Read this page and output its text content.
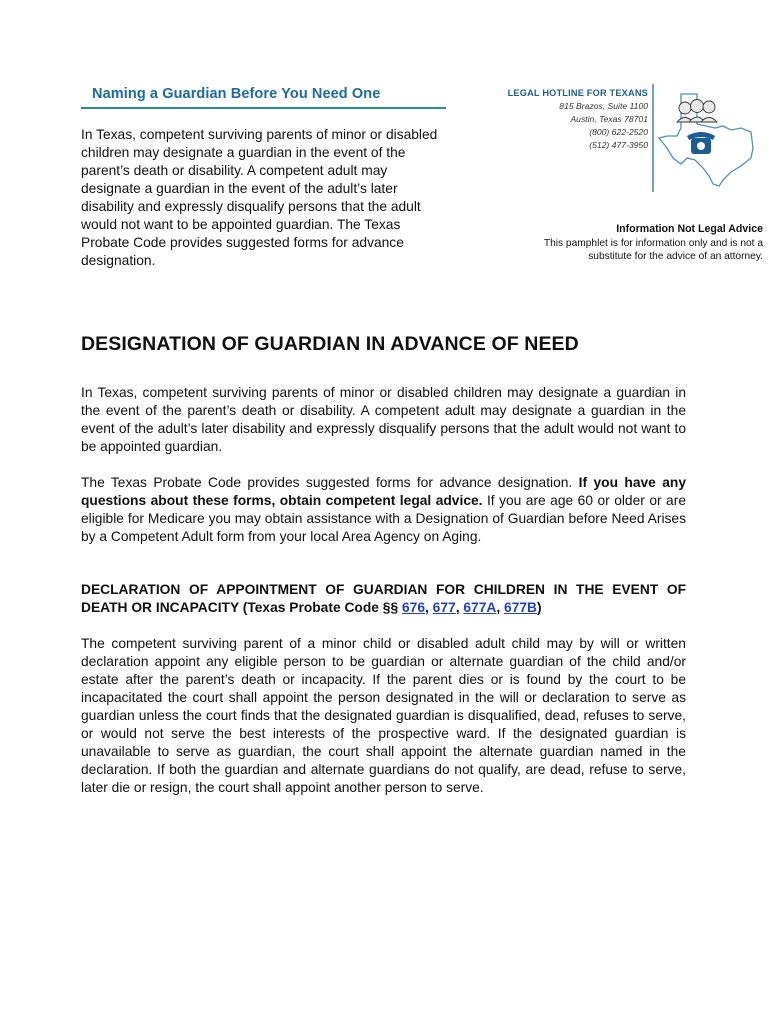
Naming a Guardian Before You Need One
In Texas, competent surviving parents of minor or disabled children may designate a guardian in the event of the parent’s death or disability. A competent adult may designate a guardian in the event of the adult’s later disability and expressly disqualify persons that the adult would not want to be appointed guardian. The Texas Probate Code provides suggested forms for advance designation.
LEGAL HOTLINE FOR TEXANS
815 Brazos, Suite 1100
Austin, Texas 78701
(800) 622-2520
(512) 477-3950
Information Not Legal Advice
This pamphlet is for information only and is not a
substitute for the advice of an attorney.
DESIGNATION OF GUARDIAN IN ADVANCE OF NEED
In Texas, competent surviving parents of minor or disabled children may designate a guardian in the event of the parent’s death or disability. A competent adult may designate a guardian in the event of the adult’s later disability and expressly disqualify persons that the adult would not want to be appointed guardian.
The Texas Probate Code provides suggested forms for advance designation. If you have any questions about these forms, obtain competent legal advice. If you are age 60 or older or are eligible for Medicare you may obtain assistance with a Designation of Guardian before Need Arises by a Competent Adult form from your local Area Agency on Aging.
DECLARATION OF APPOINTMENT OF GUARDIAN FOR CHILDREN IN THE EVENT OF DEATH OR INCAPACITY (Texas Probate Code §§ 676, 677, 677A, 677B)
The competent surviving parent of a minor child or disabled adult child may by will or written declaration appoint any eligible person to be guardian or alternate guardian of the child and/or estate after the parent’s death or incapacity. If the parent dies or is found by the court to be incapacitated the court shall appoint the person designated in the will or declaration to serve as guardian unless the court finds that the designated guardian is disqualified, dead, refuses to serve, or would not serve the best interests of the prospective ward. If the designated guardian is unavailable to serve as guardian, the court shall appoint the alternate guardian named in the declaration. If both the guardian and alternate guardians do not qualify, are dead, refuse to serve, later die or resign, the court shall appoint another person to serve.
